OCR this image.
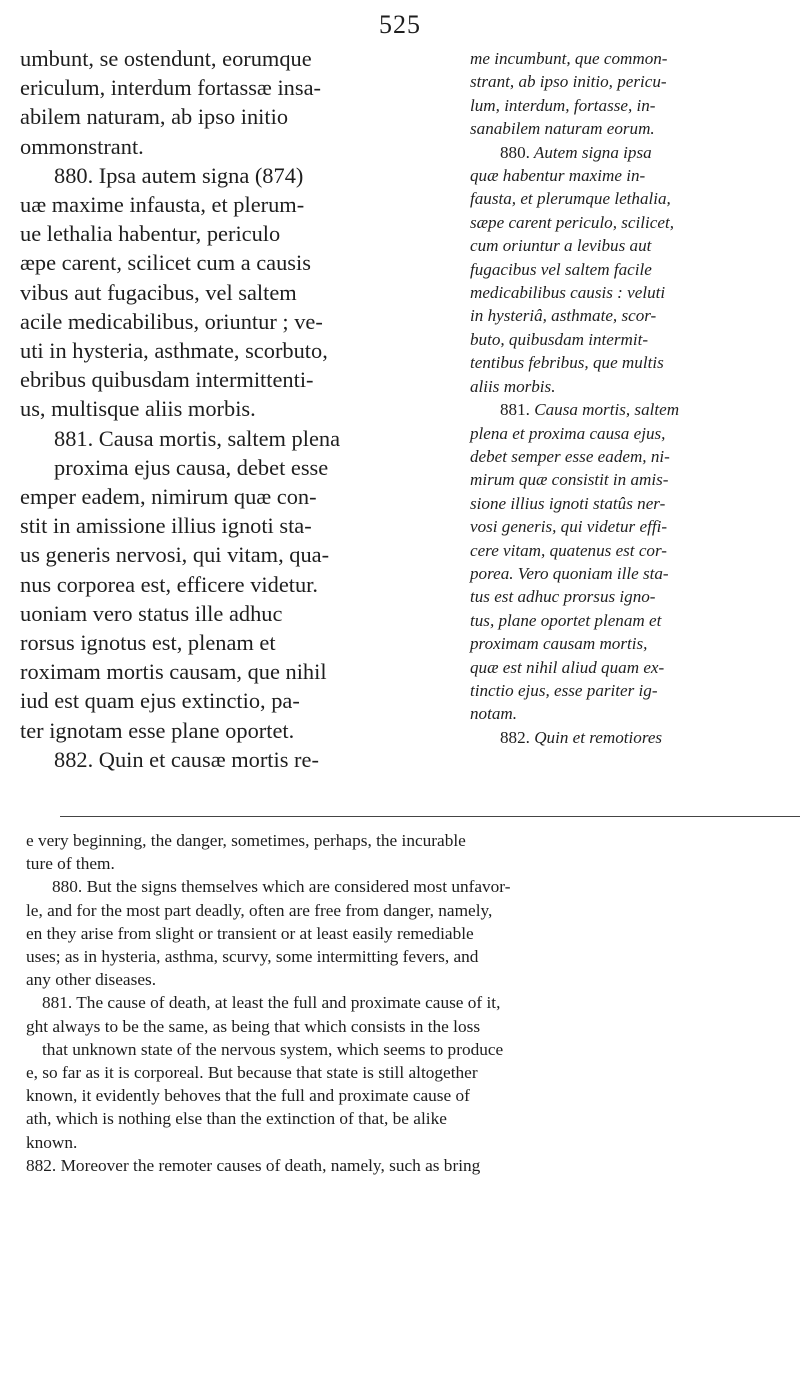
525
umbunt, se ostendunt, eorumque
ericulum, interdum fortassæ insa-
abilem naturam, ab ipso initio
ommonstrant.
880. Ipsa autem signa (874)
uæ maxime infausta, et plerum-
ue lethalia habentur, periculo
æpe carent, scilicet cum a causis
vibus aut fugacibus, vel saltem
acile medicabilibus, oriuntur ; ve-
uti in hysteria, asthmate, scorbuto,
ebribus quibusdam intermittenti-
us, multisque aliis morbis.
881. Causa mortis, saltem plena
proxima ejus causa, debet esse
emper eadem, nimirum quæ con-
stit in amissione illius ignoti sta-
us generis nervosi, qui vitam, qua-
nus corporea est, efficere videtur.
uoniam vero status ille adhuc
rorsus ignotus est, plenam et
roximam mortis causam, que nihil
iud est quam ejus extinctio, pa-
ter ignotam esse plane oportet.
882. Quin et causæ mortis re-
me incumbunt, que common-
strant, ab ipso initio, pericu-
lum, interdum, fortasse, in-
sanabilem naturam eorum.
880. Autem signa ipsa
quæ habentur maxime in-
fausta, et plerumque lethalia,
sæpe carent periculo, scilicet,
cum oriuntur a levibus aut
fugacibus vel saltem facile
medicabilibus causis : veluti
in hysteriâ, asthmate, scor-
buto, quibusdam intermit-
tentibus febribus, que multis
aliis morbis.
881. Causa mortis, saltem
plena et proxima causa ejus,
debet semper esse eadem, ni-
mirum quæ consistit in amis-
sione illius ignoti statûs ner-
vosi generis, qui videtur effi-
cere vitam, quatenus est cor-
porea. Vero quoniam ille sta-
tus est adhuc prorsus igno-
tus, plane oportet plenam et
proximam causam mortis,
quæ est nihil aliud quam ex-
tinctio ejus, esse pariter ig-
notam.
882. Quin et remotiores
e very beginning, the danger, sometimes, perhaps, the incurable
ture of them.
880. But the signs themselves which are considered most unfavor-
le, and for the most part deadly, often are free from danger, namely,
en they arise from slight or transient or at least easily remediable
uses; as in hysteria, asthma, scurvy, some intermitting fevers, and
any other diseases.
881. The cause of death, at least the full and proximate cause of it,
ght always to be the same, as being that which consists in the loss
that unknown state of the nervous system, which seems to produce
e, so far as it is corporeal. But because that state is still altogether
known, it evidently behoves that the full and proximate cause of
ath, which is nothing else than the extinction of that, be alike
known.
882. Moreover the remoter causes of death, namely, such as bring
